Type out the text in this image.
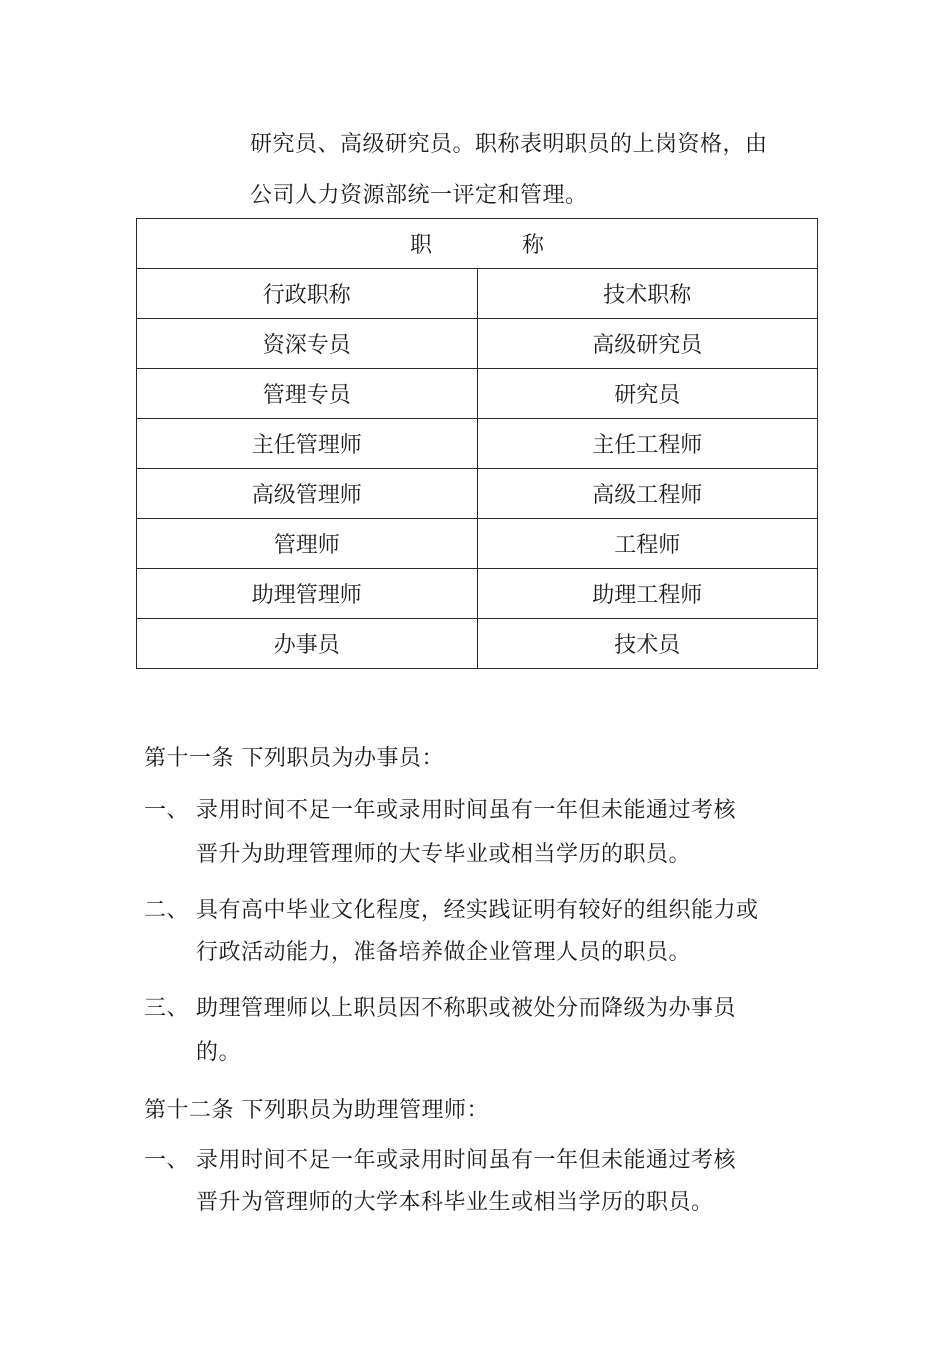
研究员、高级研究员。职称表明职员的上岗资格，由
公司人力资源部统一评定和管理。
职 称	
行政职称	技术职称
资深专员	高级研究员
管理专员	研究员
主任管理师	主任工程师
高级管理师	高级工程师
管理师	工程师
助理管理师	助理工程师
办事员	技术员
第十一条 下列职员为办事员：
一、 录用时间不足一年或录用时间虽有一年但未能通过考核
晋升为助理管理师的大专毕业或相当学历的职员。
二、 具有高中毕业文化程度，经实践证明有较好的组织能力或
行政活动能力，准备培养做企业管理人员的职员。
三、 助理管理师以上职员因不称职或被处分而降级为办事员
的。
第十二条 下列职员为助理管理师：
一、 录用时间不足一年或录用时间虽有一年但未能通过考核
晋升为管理师的大学本科毕业生或相当学历的职员。
